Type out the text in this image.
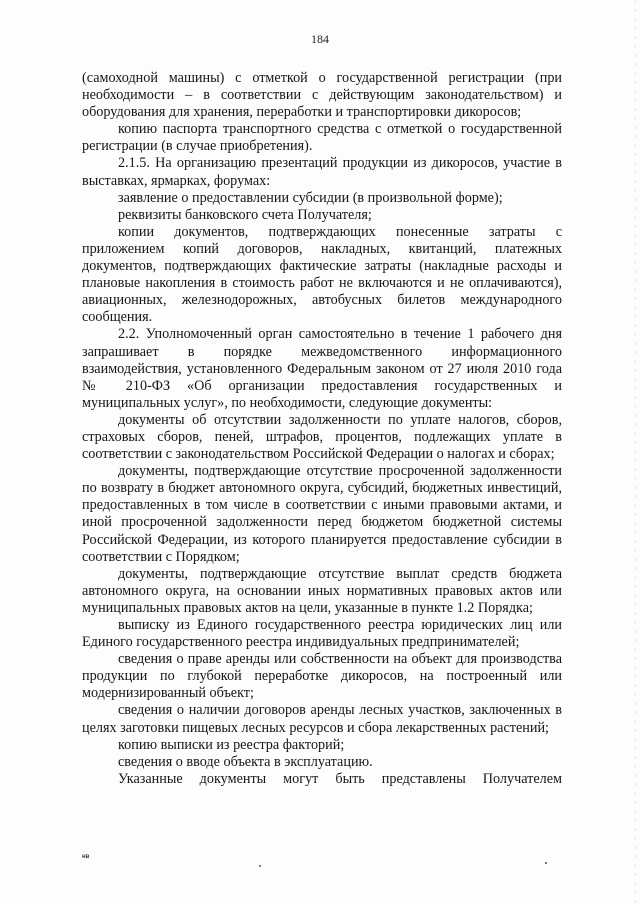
184

(самоходной машины) с отметкой о государственной регистрации (при необходимости – в соответствии с действующим законодательством) и оборудования для хранения, переработки и транспортировки дикоросов;

копию паспорта транспортного средства с отметкой о государственной регистрации (в случае приобретения).

2.1.5. На организацию презентаций продукции из дикоросов, участие в выставках, ярмарках, форумах:

заявление о предоставлении субсидии (в произвольной форме);

реквизиты банковского счета Получателя;

копии документов, подтверждающих понесенные затраты с приложением копий договоров, накладных, квитанций, платежных документов, подтверждающих фактические затраты (накладные расходы и плановые накопления в стоимость работ не включаются и не оплачиваются), авиационных, железнодорожных, автобусных билетов международного сообщения.

2.2. Уполномоченный орган самостоятельно в течение 1 рабочего дня запрашивает в порядке межведомственного информационного взаимодействия, установленного Федеральным законом от 27 июля 2010 года № 210-ФЗ «Об организации предоставления государственных и муниципальных услуг», по необходимости, следующие документы:

документы об отсутствии задолженности по уплате налогов, сборов, страховых сборов, пеней, штрафов, процентов, подлежащих уплате в соответствии с законодательством Российской Федерации о налогах и сборах;

документы, подтверждающие отсутствие просроченной задолженности по возврату в бюджет автономного округа, субсидий, бюджетных инвестиций, предоставленных в том числе в соответствии с иными правовыми актами, и иной просроченной задолженности перед бюджетом бюджетной системы Российской Федерации, из которого планируется предоставление субсидии в соответствии с Порядком;

документы, подтверждающие отсутствие выплат средств бюджета автономного округа, на основании иных нормативных правовых актов или муниципальных правовых актов на цели, указанные в пункте 1.2 Порядка;

выписку из Единого государственного реестра юридических лиц или Единого государственного реестра индивидуальных предпринимателей;

сведения о праве аренды или собственности на объект для производства продукции по глубокой переработке дикоросов, на построенный или модернизированный объект;

сведения о наличии договоров аренды лесных участков, заключенных в целях заготовки пищевых лесных ресурсов и сбора лекарственных растений;

копию выписки из реестра факторий;

сведения о вводе объекта в эксплуатацию.

Указанные документы могут быть представлены Получателем

нв
